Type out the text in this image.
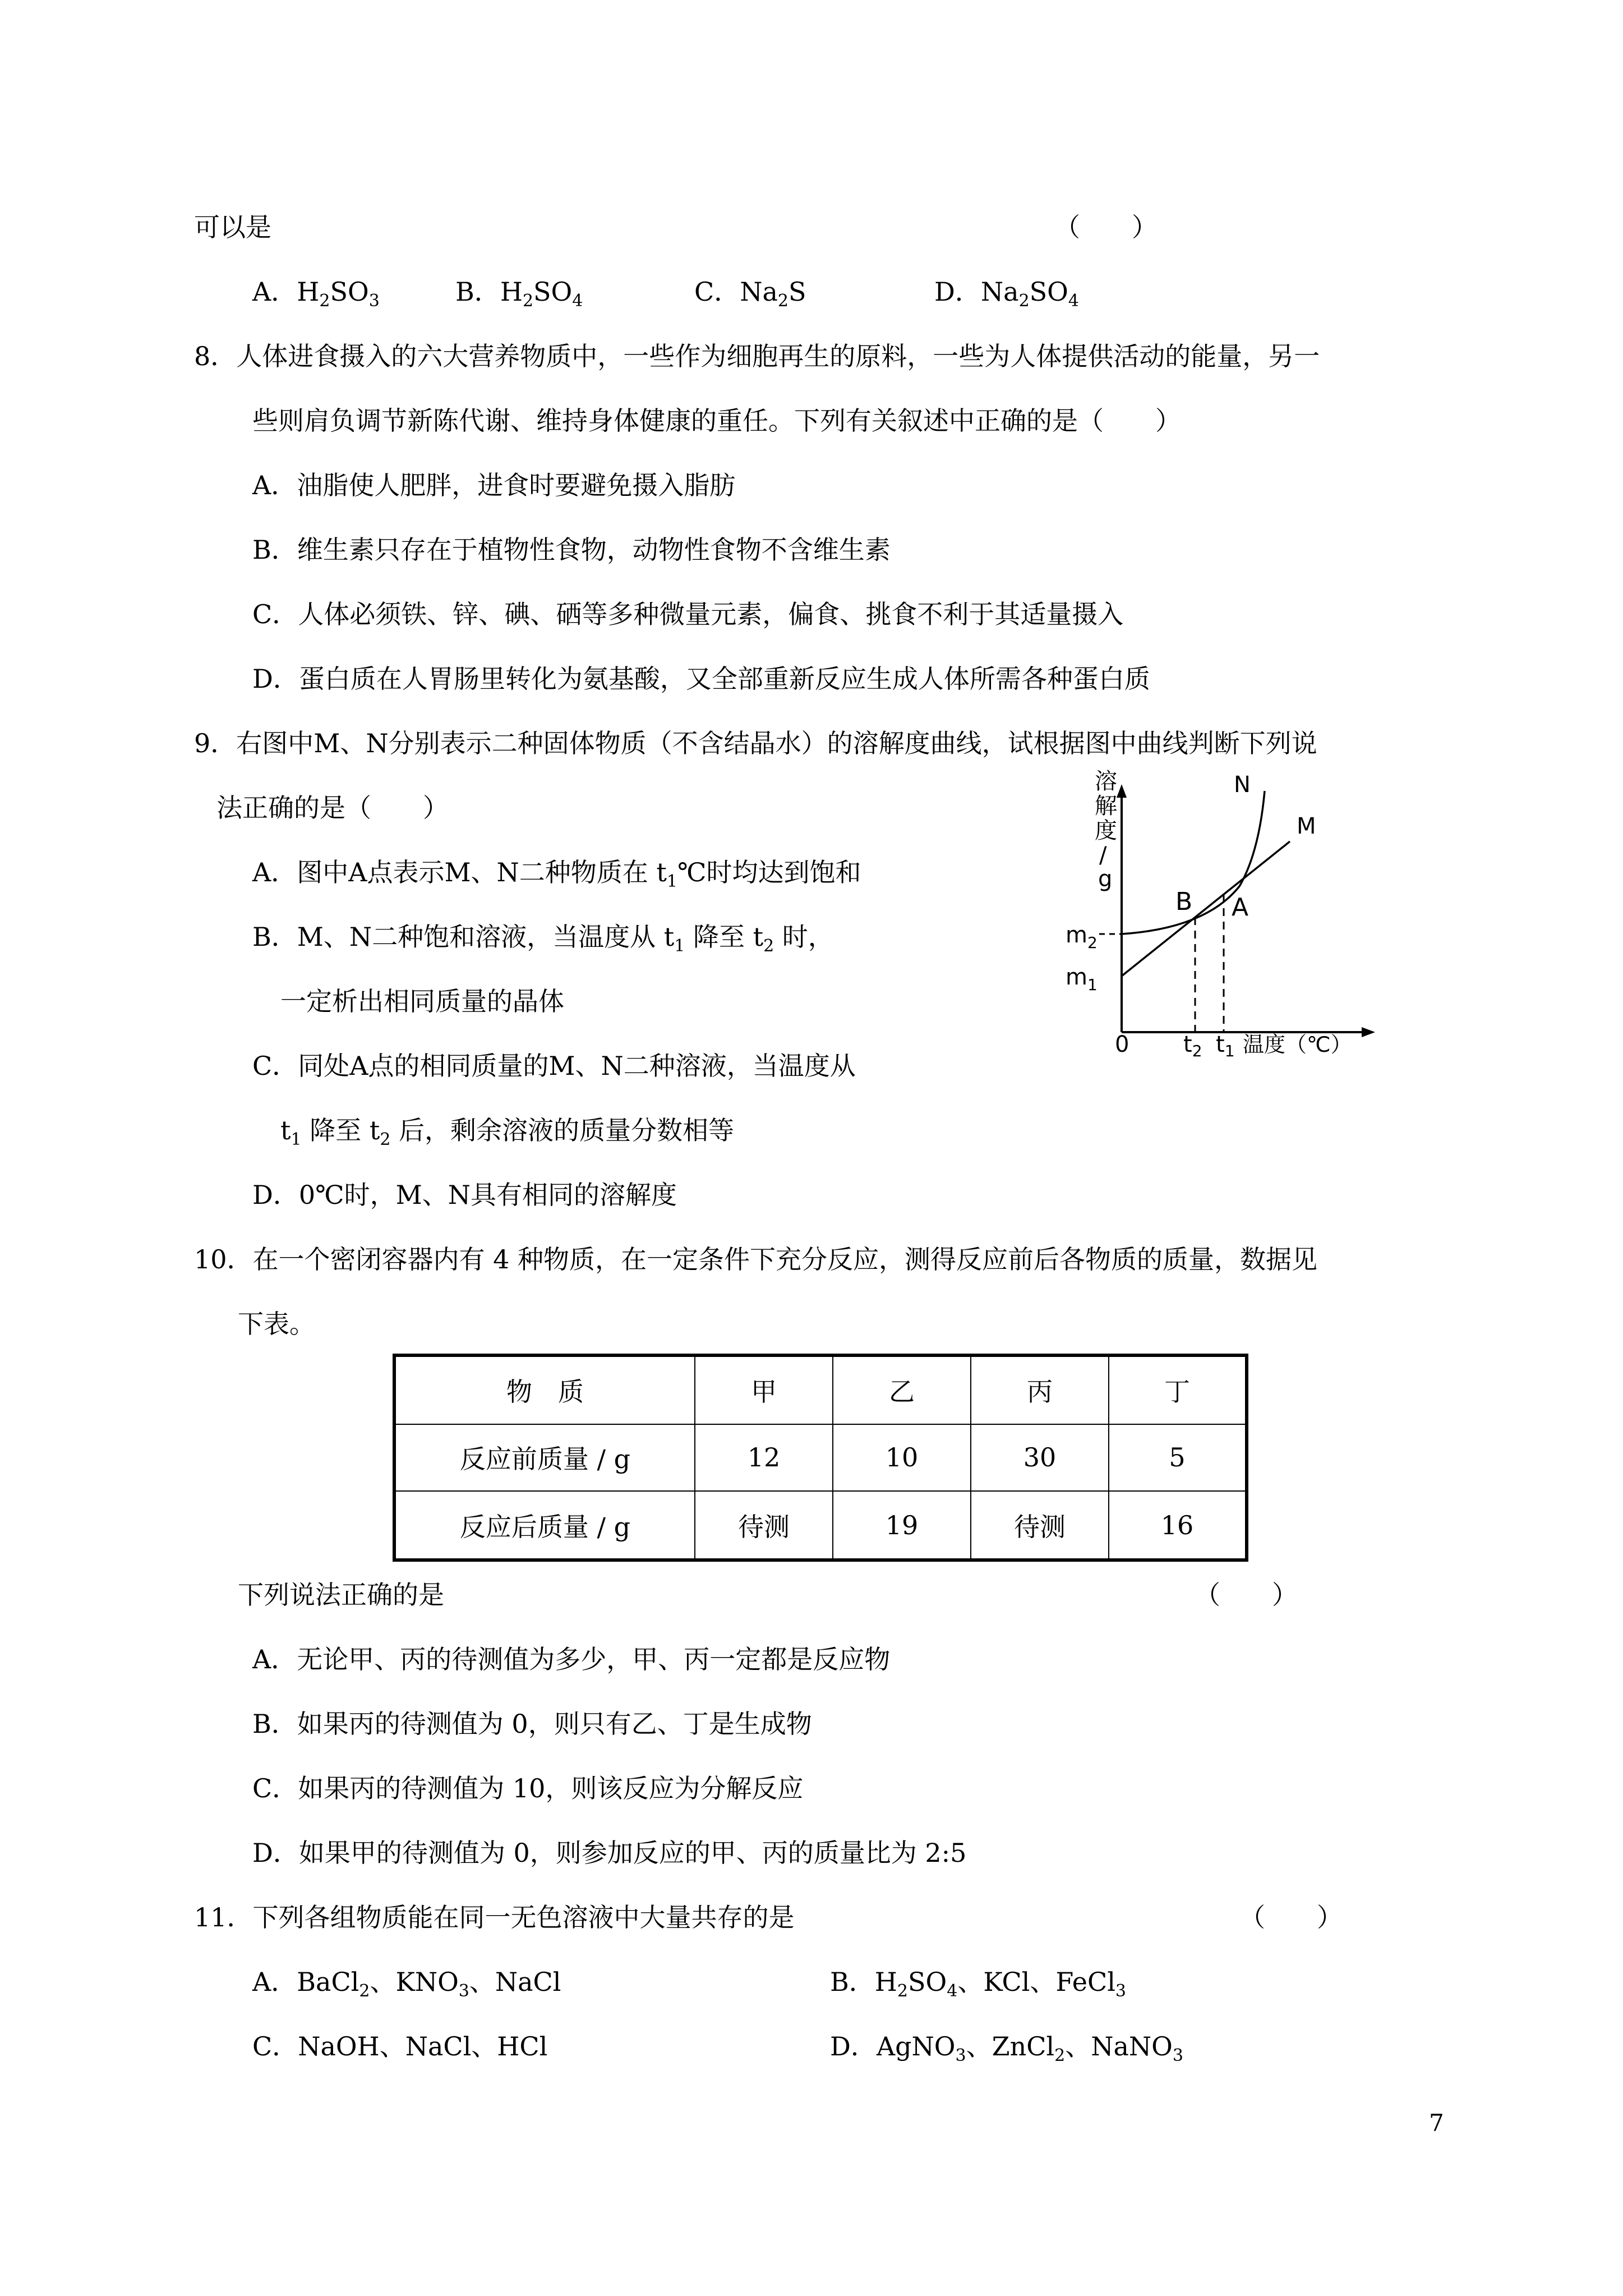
可以是	（　　）
A．$H_2SO_3$	B．$H_2SO_4$	C．$Na_2S$	D．$Na_2SO_4$
8．人体进食摄入的六大营养物质中，一些作为细胞再生的原料，一些为人体提供活动的能量，另一
些则肩负调节新陈代谢、维持身体健康的重任。下列有关叙述中正确的是（　　）
A．油脂使人肥胖，进食时要避免摄入脂肪
B．维生素只存在于植物性食物，动物性食物不含维生素
C．人体必须铁、锌、碘、硒等多种微量元素，偏食、挑食不利于其适量摄入
D．蛋白质在人胃肠里转化为氨基酸，又全部重新反应生成人体所需各种蛋白质
9．右图中M、N分别表示二种固体物质（不含结晶水）的溶解度曲线，试根据图中曲线判断下列说
法正确的是（　　）
A．图中A点表示M、N二种物质在 $t_1℃$时均达到饱和
B．M、N二种饱和溶液，当温度从 $t_1$ 降至 $t_2$ 时，
一定析出相同质量的晶体
C．同处A点的相同质量的M、N二种溶液，当温度从
$t_1$ 降至 $t_2$ 后，剩余溶液的质量分数相等
D．0℃时，M、N具有相同的溶解度
溶
解
度
/
g
N
M
B A
$m_2$
$m_1$
0 $t_2$ $t_1$ 温度（℃）
10．在一个密闭容器内有 4 种物质，在一定条件下充分反应，测得反应前后各物质的质量，数据见
下表。
物　质	甲	乙	丙	丁
反应前质量 / g	12	10	30	5
反应后质量 / g	待测	19	待测	16
下列说法正确的是	（　　）
A．无论甲、丙的待测值为多少，甲、丙一定都是反应物
B．如果丙的待测值为 0，则只有乙、丁是生成物
C．如果丙的待测值为 10，则该反应为分解反应
D．如果甲的待测值为 0，则参加反应的甲、丙的质量比为 2:5
11．下列各组物质能在同一无色溶液中大量共存的是	（　　）
A．BaCl$_2$、$KNO_3$、NaCl	B．$H_2SO_4$、KCl、FeCl$_3$
C．NaOH、NaCl、HCl	D．AgNO$_3$、ZnCl$_2$、NaNO$_3$
7
